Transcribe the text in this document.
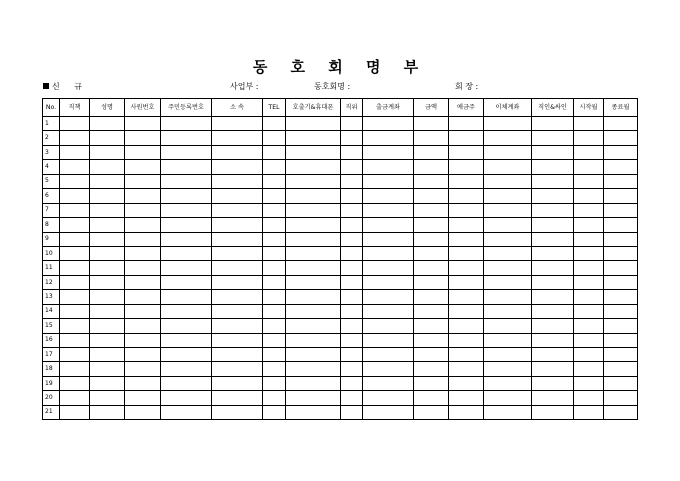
동 호 회 명 부
신 규	사업부 :	동호회명 :	회 장 :
No.	직책	성명	사원번호	주민등록번호	소 속	TEL	호출기&휴대폰	직위	출금계좌	금액	예금주	이체계좌	직인&싸인	시작월	종료월
1															
2															
3															
4															
5															
6															
7															
8															
9															
10															
11															
12															
13															
14															
15															
16															
17															
18															
19															
20															
21															
